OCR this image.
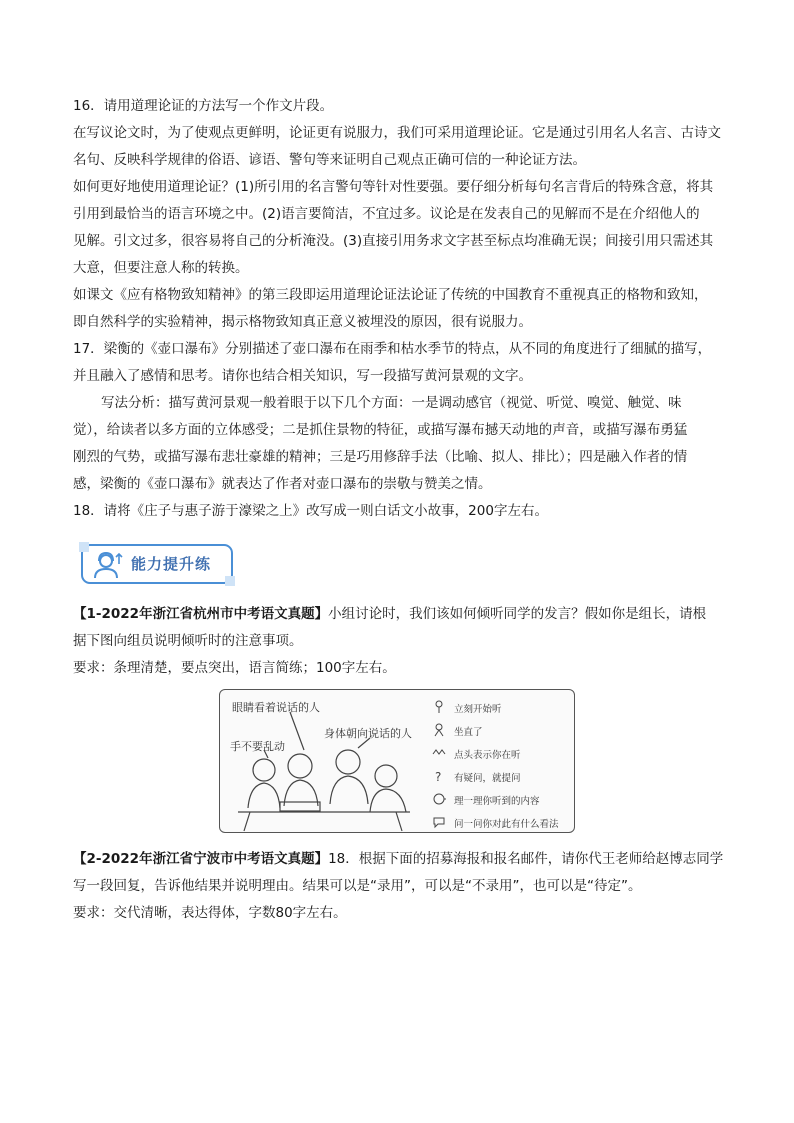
16．请用道理论证的方法写一个作文片段。
在写议论文时，为了使观点更鲜明，论证更有说服力，我们可采用道理论证。它是通过引用名人名言、古诗文
名句、反映科学规律的俗语、谚语、警句等来证明自己观点正确可信的一种论证方法。
如何更好地使用道理论证？(1)所引用的名言警句等针对性要强。要仔细分析每句名言背后的特殊含意，将其
引用到最恰当的语言环境之中。(2)语言要简洁，不宜过多。议论是在发表自己的见解而不是在介绍他人的
见解。引文过多，很容易将自己的分析淹没。(3)直接引用务求文字甚至标点均准确无误；间接引用只需述其
大意，但要注意人称的转换。
如课文《应有格物致知精神》的第三段即运用道理论证法论证了传统的中国教育不重视真正的格物和致知，
即自然科学的实验精神，揭示格物致知真正意义被埋没的原因，很有说服力。
17．梁衡的《壶口瀑布》分别描述了壶口瀑布在雨季和枯水季节的特点，从不同的角度进行了细腻的描写，
并且融入了感情和思考。请你也结合相关知识，写一段描写黄河景观的文字。
写法分析：描写黄河景观一般着眼于以下几个方面：一是调动感官（视觉、听觉、嗅觉、触觉、味
觉），给读者以多方面的立体感受；二是抓住景物的特征，或描写瀑布撼天动地的声音，或描写瀑布勇猛
刚烈的气势，或描写瀑布悲壮豪雄的精神；三是巧用修辞手法（比喻、拟人、排比）；四是融入作者的情
感，梁衡的《壶口瀑布》就表达了作者对壶口瀑布的崇敬与赞美之情。
18．请将《庄子与惠子游于濠梁之上》改写成一则白话文小故事，200字左右。
能力提升练
【1-2022年浙江省杭州市中考语文真题】小组讨论时，我们该如何倾听同学的发言？假如你是组长，请根
据下图向组员说明倾听时的注意事项。
要求：条理清楚，要点突出，语言简练；100字左右。
眼睛看着说话的人
身体朝向说话的人
手不要乱动
立刻开始听
坐直了
点头表示你在听
? 有疑问，就提问
理一理你听到的内容
问一问你对此有什么看法
【2-2022年浙江省宁波市中考语文真题】18．根据下面的招募海报和报名邮件，请你代王老师给赵博志同学
写一段回复，告诉他结果并说明理由。结果可以是“录用”，可以是“不录用”，也可以是“待定”。
要求：交代清晰，表达得体，字数80字左右。
